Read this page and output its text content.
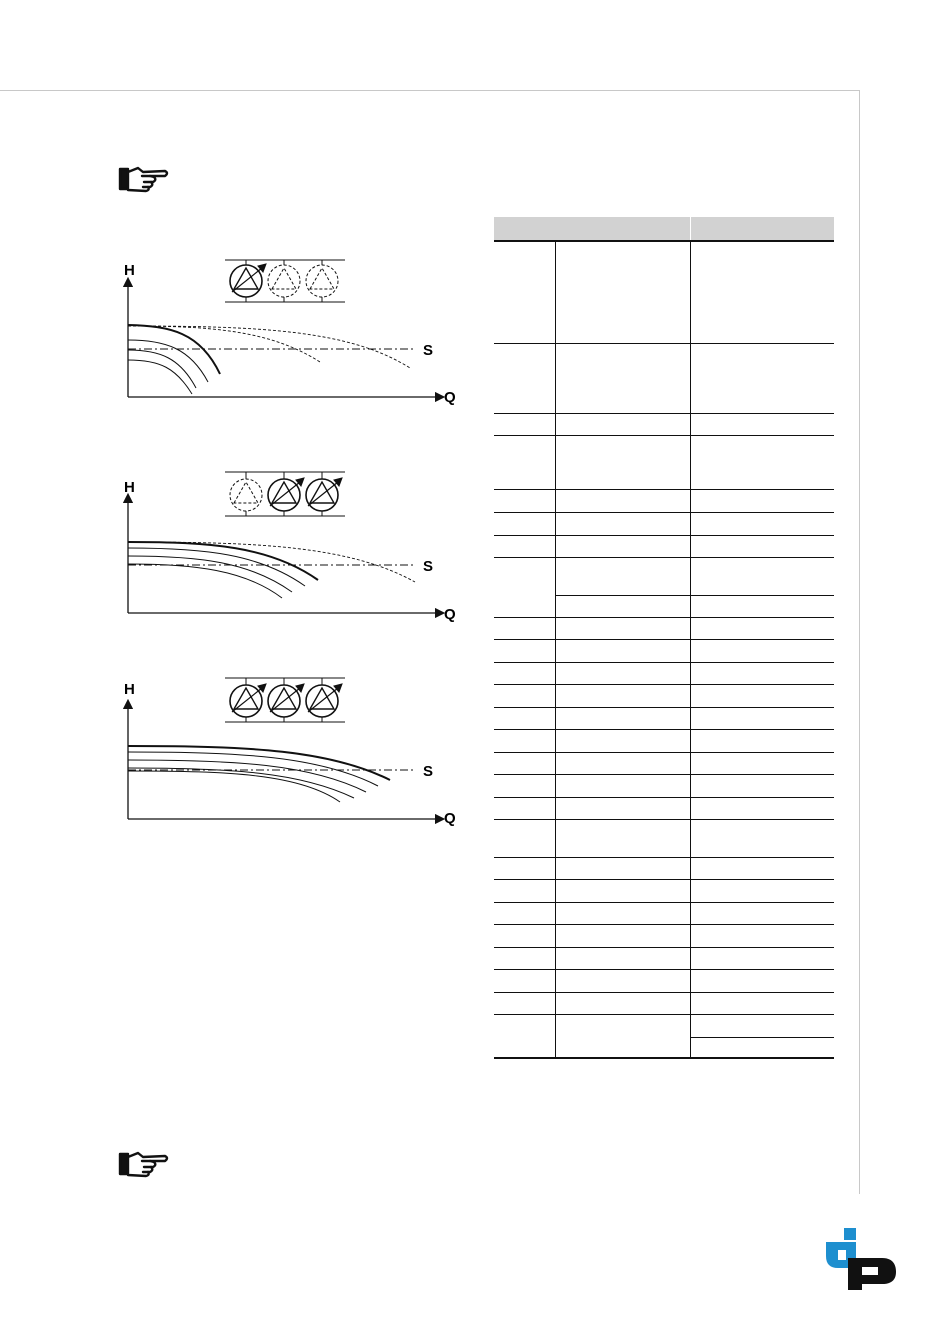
H
Q
S
H
Q
S
H
Q
S
